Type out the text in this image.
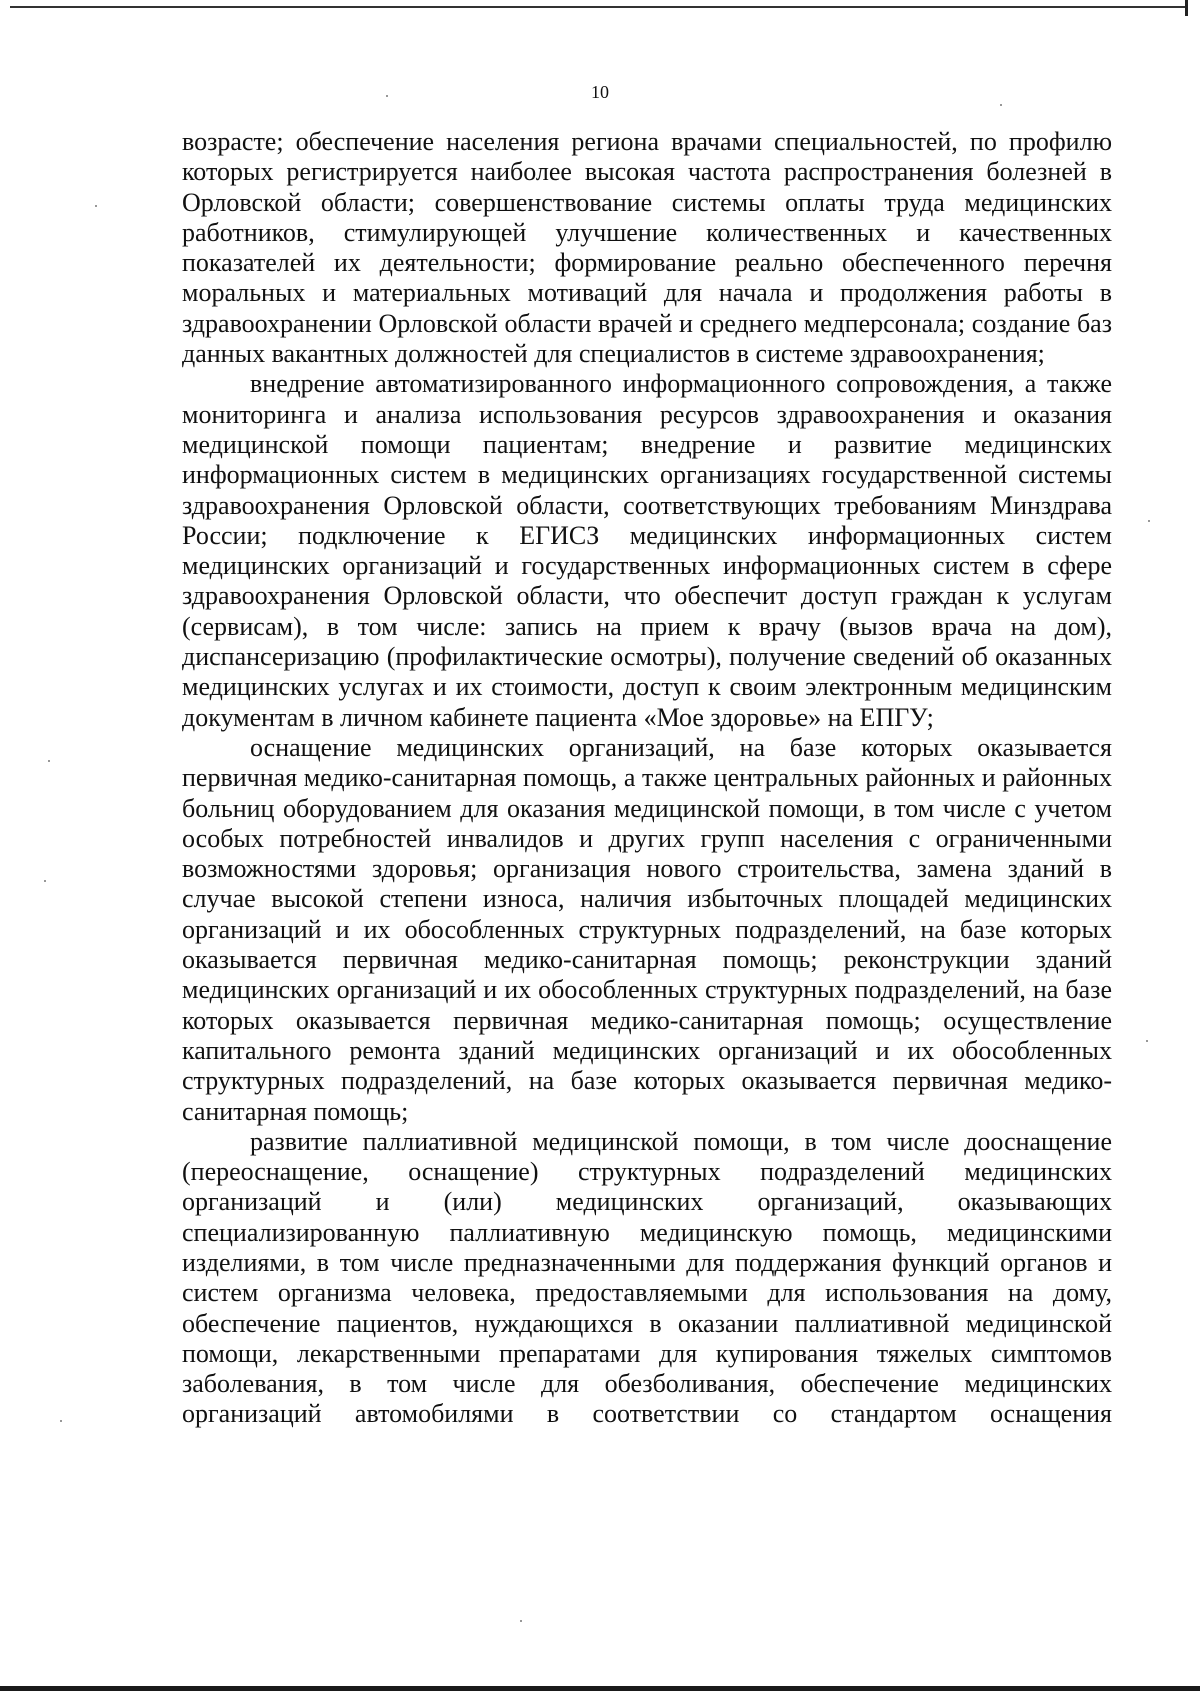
10

возрасте; обеспечение населения региона врачами специальностей, по профилю которых регистрируется наиболее высокая частота распространения болезней в Орловской области; совершенствование системы оплаты труда медицинских работников, стимулирующей улучшение количественных и качественных показателей их деятельности; формирование реально обеспеченного перечня моральных и материальных мотиваций для начала и продолжения работы в здравоохранении Орловской области врачей и среднего медперсонала; создание баз данных вакантных должностей для специалистов в системе здравоохранения;

внедрение автоматизированного информационного сопровождения, а также мониторинга и анализа использования ресурсов здравоохранения и оказания медицинской помощи пациентам; внедрение и развитие медицинских информационных систем в медицинских организациях государственной системы здравоохранения Орловской области, соответствующих требованиям Минздрава России; подключение к ЕГИСЗ медицинских информационных систем медицинских организаций и государственных информационных систем в сфере здравоохранения Орловской области, что обеспечит доступ граждан к услугам (сервисам), в том числе: запись на прием к врачу (вызов врача на дом), диспансеризацию (профилактические осмотры), получение сведений об оказанных медицинских услугах и их стоимости, доступ к своим электронным медицинским документам в личном кабинете пациента «Мое здоровье» на ЕПГУ;

оснащение медицинских организаций, на базе которых оказывается первичная медико-санитарная помощь, а также центральных районных и районных больниц оборудованием для оказания медицинской помощи, в том числе с учетом особых потребностей инвалидов и других групп населения с ограниченными возможностями здоровья; организация нового строительства, замена зданий в случае высокой степени износа, наличия избыточных площадей медицинских организаций и их обособленных структурных подразделений, на базе которых оказывается первичная медико-санитарная помощь; реконструкции зданий медицинских организаций и их обособленных структурных подразделений, на базе которых оказывается первичная медико-санитарная помощь; осуществление капитального ремонта зданий медицинских организаций и их обособленных структурных подразделений, на базе которых оказывается первичная медико-санитарная помощь;

развитие паллиативной медицинской помощи, в том числе дооснащение (переоснащение, оснащение) структурных подразделений медицинских организаций и (или) медицинских организаций, оказывающих специализированную паллиативную медицинскую помощь, медицинскими изделиями, в том числе предназначенными для поддержания функций органов и систем организма человека, предоставляемыми для использования на дому, обеспечение пациентов, нуждающихся в оказании паллиативной медицинской помощи, лекарственными препаратами для купирования тяжелых симптомов заболевания, в том числе для обезболивания, обеспечение медицинских организаций автомобилями в соответствии со стандартом оснащения
